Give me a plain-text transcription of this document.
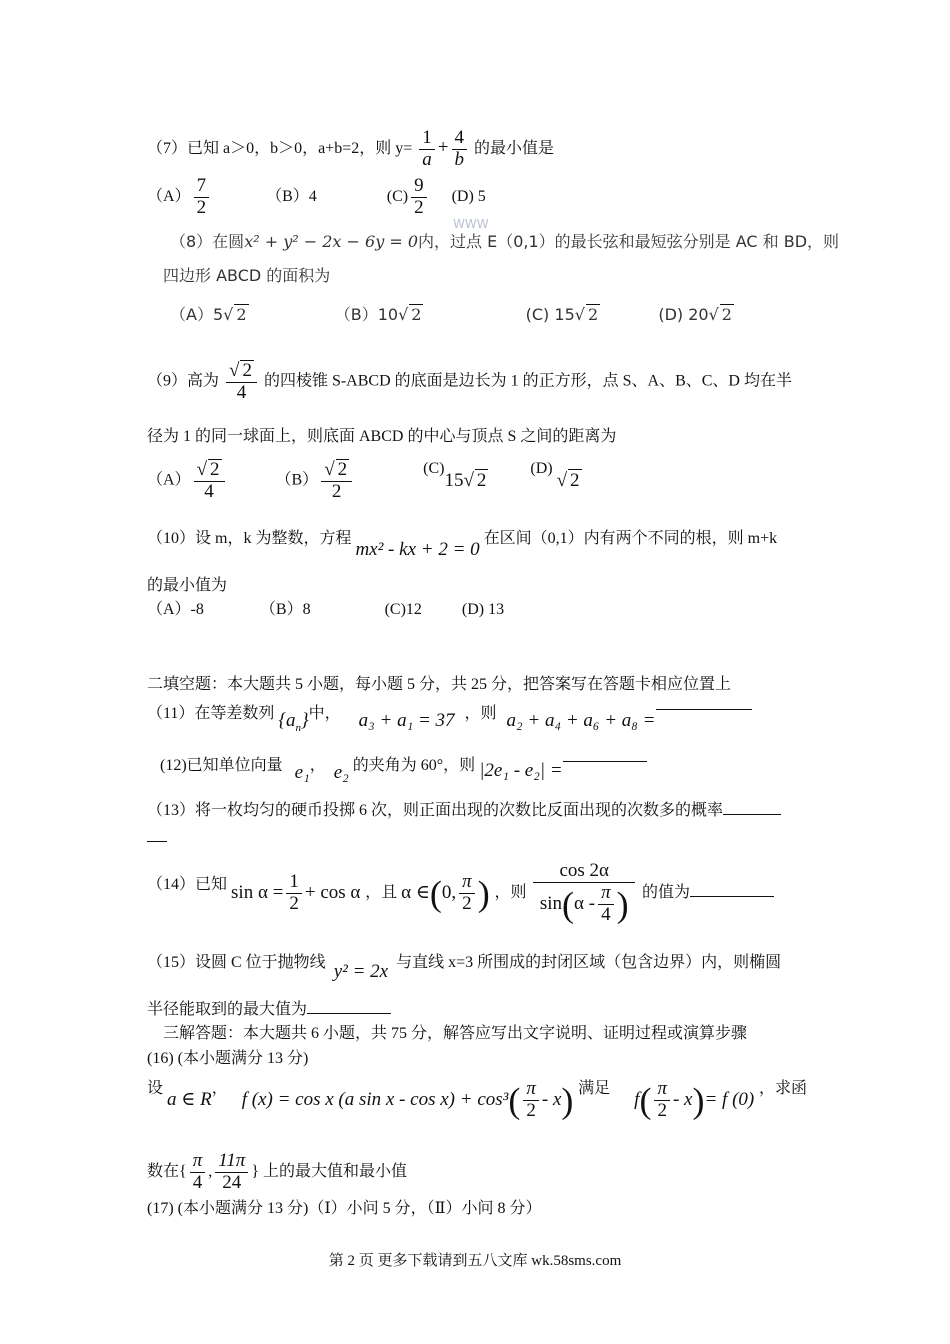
（7）已知 a＞0，b＞0，a+b=2，则 $y= \frac{1}{a} + \frac{4}{b}$ 的最小值是
$(A) \frac{7}{2}$	（B）4	$(C) \frac{9}{2} (D)$ 5
WWW
（8）在圆x² + y² − 2x − 6y = 0内，过点 E（0,1）的最长弦和最短弦分别是 AC 和 BD，则
四边形 ABCD 的面积为
（A）5√ 2	（B）10√ 2	(C) 15√ 2	(D) 20√ 2
（9）高为 $\frac{√ 2}{4}$ 的四棱锥 S-ABCD 的底面是边长为 1 的正方形，点 S、A、B、C、D 均在半
径为 1 的同一球面上，则底面 ABCD 的中心与顶点 S 之间的距离为
$(A) \frac{√ 2}{4}$	$(B) \frac{√ 2}{2}$	(C)15√ 2  (D) √ 2
（10）设 m，k 为整数，方程 mx² - kx + 2 = 0 在区间（0,1）内有两个不同的根，则 m+k
的最小值为
（A）-8	（B）8	(C)12	(D) 13
二填空题：本大题共 5 小题，每小题 5 分，共 25 分，把答案写在答题卡相应位置上
（11）在等差数列 $\{a_n\}$中， a₃ + a₁ = 37 ，则 a₂ + a₄ + a₆ + a₈ =
(12)已知单位向量 e₁， e₂ 的夹角为 60°，则 |2e₁ - e₂| =
（13）将一枚均匀的硬币投掷 6 次，则正面出现的次数比反面出现的次数多的概率
（14）已知 $\sin \alpha = \frac{1}{2} + \cos \alpha$ ，且 α ∈(0, $\frac{\pi}{2}$ ) ，则 $\frac{\cos 2\alpha}{\sin(\alpha - \frac{\pi}{4} )}$ 的值为
（15）设圆 C 位于抛物线 y² = 2x 与直线 x=3 所围成的封闭区域（包含边界）内，则椭圆
半径能取到的最大值为
三解答题：本大题共 6 小题，共 75 分，解答应写出文字说明、证明过程或演算步骤
(16) (本小题满分 13 分)
设 a ∈ R， f (x) = cos x (a $\sin x - \cos x) + \cos^3( \frac{\pi}{2} - x)$ 满足 $f( \frac{\pi}{2} - x)= f$ (0) ，求函
数在{ $\frac{\pi}{4}$ , $\frac{11\pi}{24}$ } 上的最大值和最小值
(17) (本小题满分 13 分)（Ⅰ）小问 5 分，（Ⅱ）小问 8 分）
第 2 页 更多下载请到五八文库 wk.58sms.com
